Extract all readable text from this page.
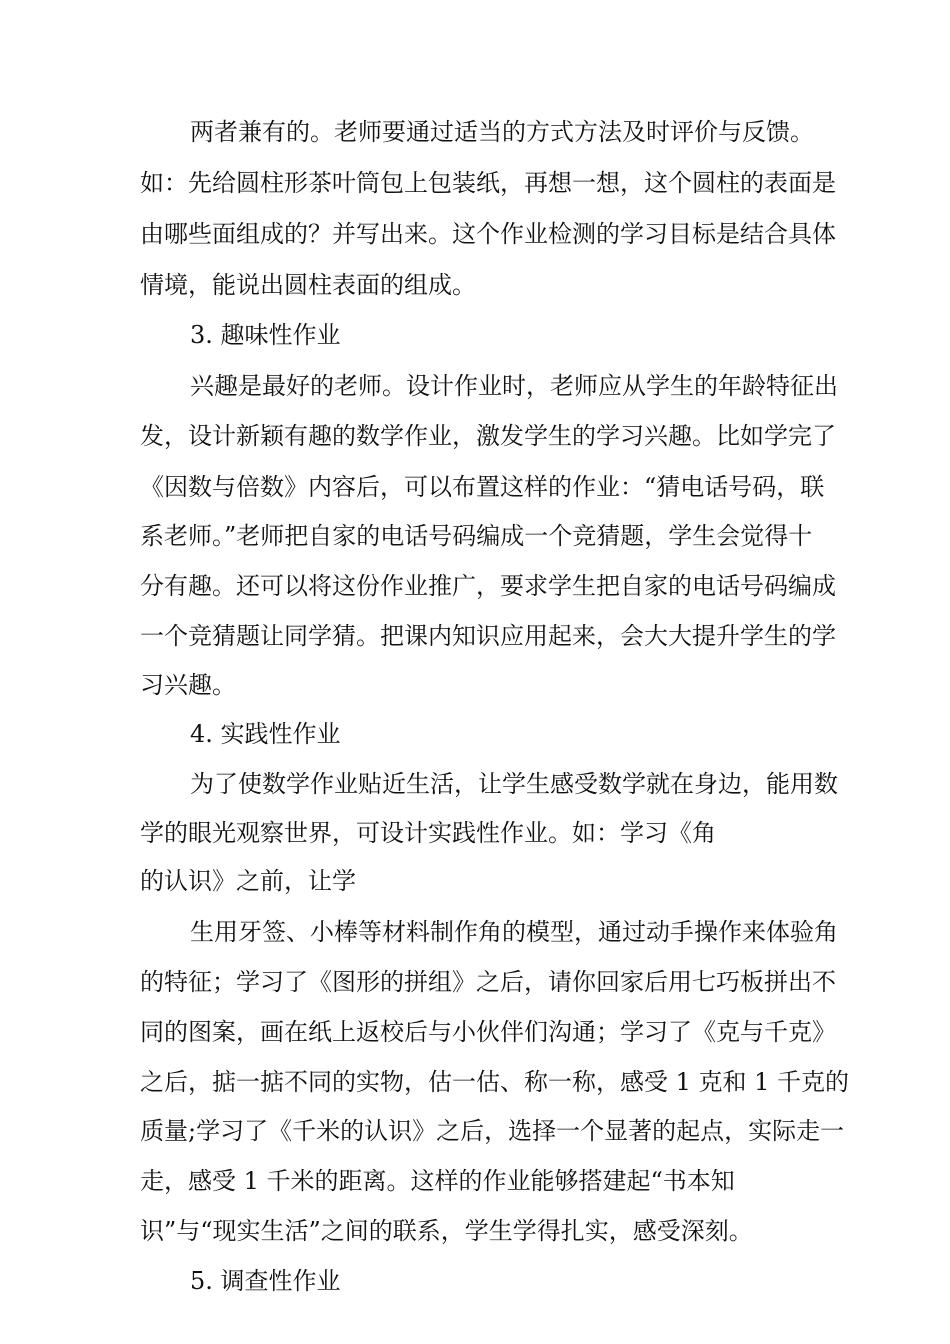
两者兼有的。老师要通过适当的方式方法及时评价与反馈。
如：先给圆柱形茶叶筒包上包装纸，再想一想，这个圆柱的表面是
由哪些面组成的？并写出来。这个作业检测的学习目标是结合具体
情境，能说出圆柱表面的组成。
3. 趣味性作业
兴趣是最好的老师。设计作业时，老师应从学生的年龄特征出
发，设计新颖有趣的数学作业，激发学生的学习兴趣。比如学完了
《因数与倍数》内容后，可以布置这样的作业：“猜电话号码，联
系老师。”老师把自家的电话号码编成一个竞猜题，学生会觉得十
分有趣。还可以将这份作业推广，要求学生把自家的电话号码编成
一个竞猜题让同学猜。把课内知识应用起来，会大大提升学生的学
习兴趣。
4. 实践性作业
为了使数学作业贴近生活，让学生感受数学就在身边，能用数
学的眼光观察世界，可设计实践性作业。如：学习《角
的认识》之前，让学
生用牙签、小棒等材料制作角的模型，通过动手操作来体验角
的特征；学习了《图形的拼组》之后，请你回家后用七巧板拼出不
同的图案，画在纸上返校后与小伙伴们沟通；学习了《克与千克》
之后，掂一掂不同的实物，估一估、称一称，感受 1 克和 1 千克的
质量;学习了《千米的认识》之后，选择一个显著的起点，实际走一
走，感受 1 千米的距离。这样的作业能够搭建起“书本知
识”与“现实生活”之间的联系，学生学得扎实，感受深刻。
5. 调查性作业
